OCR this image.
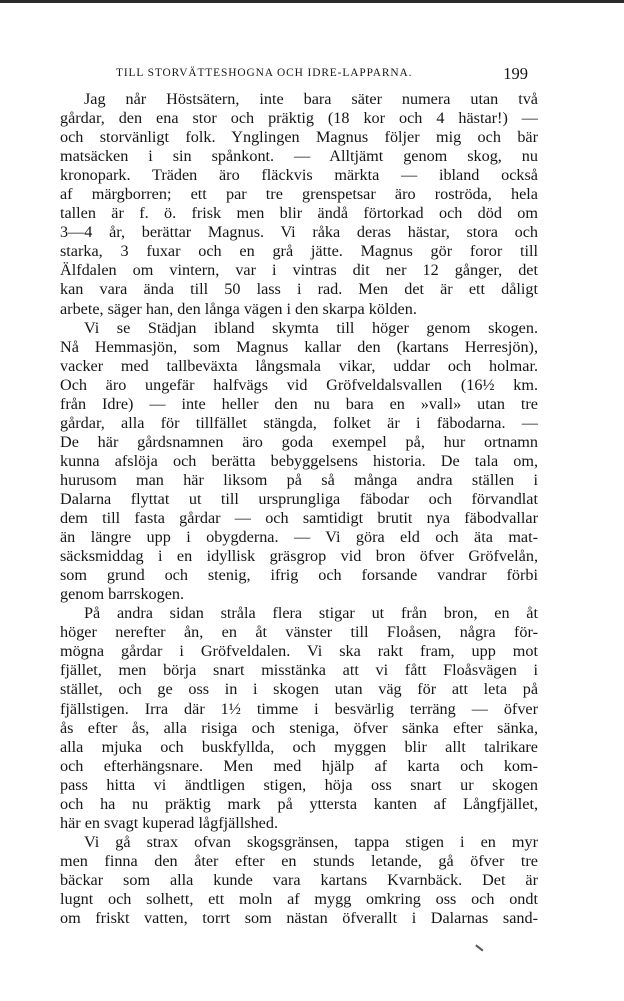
TILL STORVÄTTESHOGNA OCH IDRE-LAPPARNA.	199
Jag når Höstsätern, inte bara säter numera utan två
gårdar, den ena stor och präktig (18 kor och 4 hästar!) —
och storvänligt folk. Ynglingen Magnus följer mig och bär
matsäcken i sin spånkont. — Alltjämt genom skog, nu
kronopark. Träden äro fläckvis märkta — ibland också
af märgborren; ett par tre grenspetsar äro roströda, hela
tallen är f. ö. frisk men blir ändå förtorkad och död om
3—4 år, berättar Magnus. Vi råka deras hästar, stora och
starka, 3 fuxar och en grå jätte. Magnus gör foror till
Älfdalen om vintern, var i vintras dit ner 12 gånger, det
kan vara ända till 50 lass i rad. Men det är ett dåligt
arbete, säger han, den långa vägen i den skarpa kölden.
Vi se Städjan ibland skymta till höger genom skogen.
Nå Hemmasjön, som Magnus kallar den (kartans Herresjön),
vacker med tallbeväxta långsmala vikar, uddar och holmar.
Och äro ungefär halfvägs vid Gröfveldalsvallen (16½ km.
från Idre) — inte heller den nu bara en »vall» utan tre
gårdar, alla för tillfället stängda, folket är i fäbodarna. —
De här gårdsnamnen äro goda exempel på, hur ortnamn
kunna afslöja och berätta bebyggelsens historia. De tala om,
hurusom man här liksom på så många andra ställen i
Dalarna flyttat ut till ursprungliga fäbodar och förvandlat
dem till fasta gårdar — och samtidigt brutit nya fäbodvallar
än längre upp i obygderna. — Vi göra eld och äta mat-
säcksmiddag i en idyllisk gräsgrop vid bron öfver Gröfvelån,
som grund och stenig, ifrig och forsande vandrar förbi
genom barrskogen.
På andra sidan stråla flera stigar ut från bron, en åt
höger nerefter ån, en åt vänster till Floåsen, några för-
mögna gårdar i Gröfveldalen. Vi ska rakt fram, upp mot
fjället, men börja snart misstänka att vi fått Floåsvägen i
stället, och ge oss in i skogen utan väg för att leta på
fjällstigen. Irra där 1½ timme i besvärlig terräng — öfver
ås efter ås, alla risiga och steniga, öfver sänka efter sänka,
alla mjuka och buskfyllda, och myggen blir allt talrikare
och efterhängsnare. Men med hjälp af karta och kom-
pass hitta vi ändtligen stigen, höja oss snart ur skogen
och ha nu präktig mark på yttersta kanten af Långfjället,
här en svagt kuperad lågfjällshed.
Vi gå strax ofvan skogsgränsen, tappa stigen i en myr
men finna den åter efter en stunds letande, gå öfver tre
bäckar som alla kunde vara kartans Kvarnbäck. Det är
lugnt och solhett, ett moln af mygg omkring oss och ondt
om friskt vatten, torrt som nästan öfverallt i Dalarnas sand-
